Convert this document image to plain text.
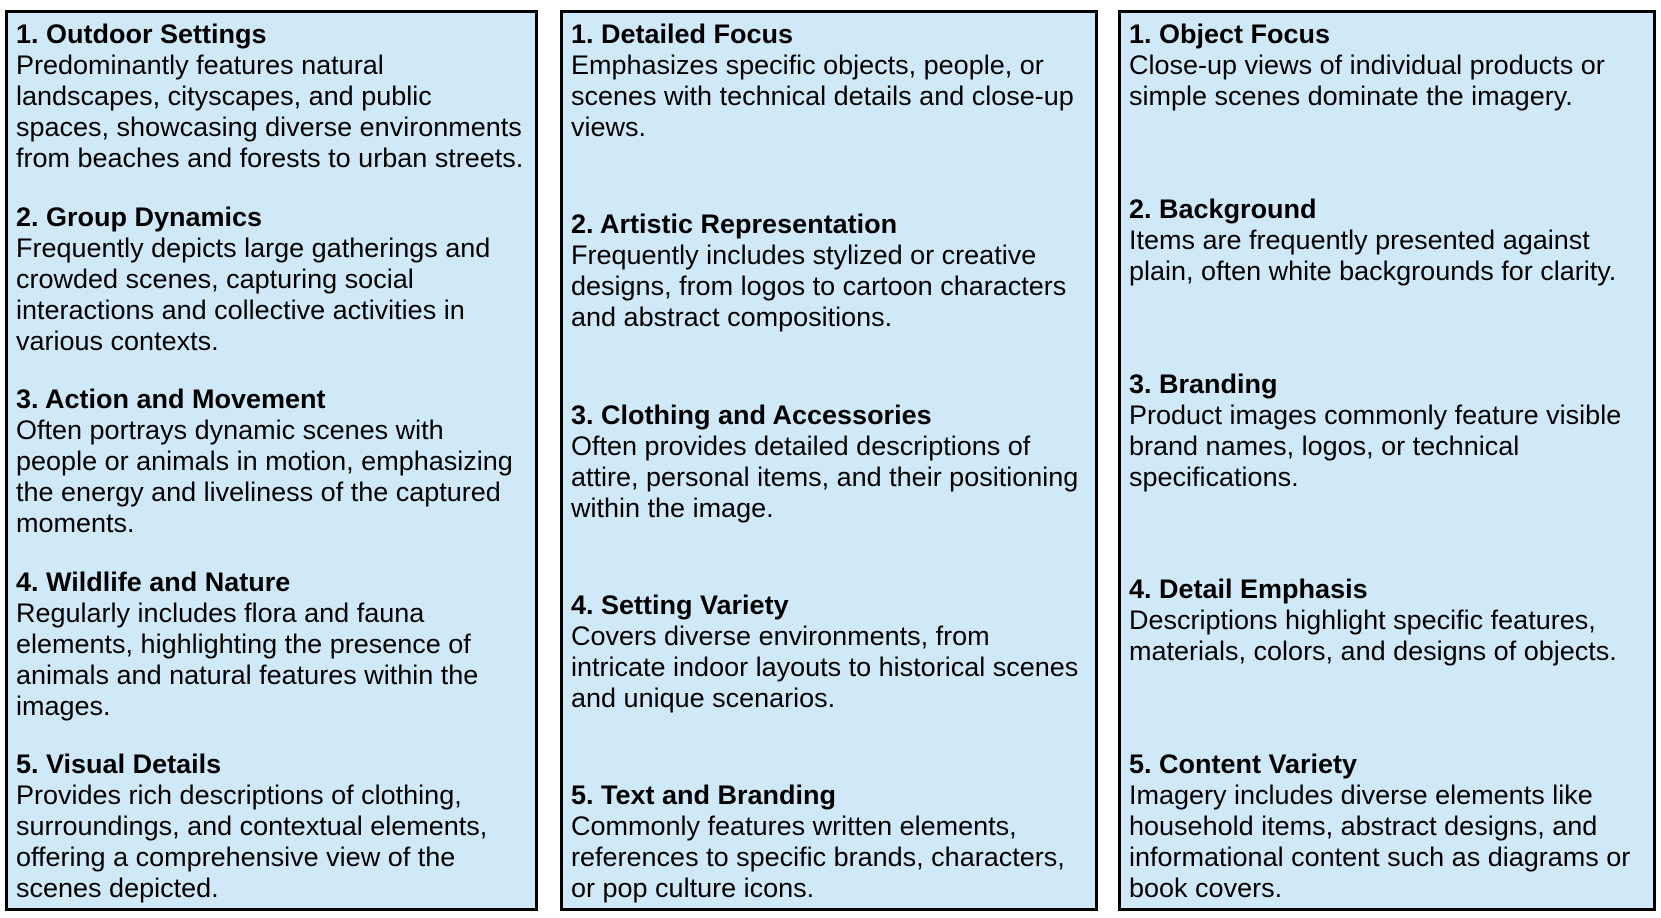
1. Outdoor Settings
Predominantly features natural landscapes, cityscapes, and public spaces, showcasing diverse environments from beaches and forests to urban streets.
2. Group Dynamics
Frequently depicts large gatherings and crowded scenes, capturing social interactions and collective activities in various contexts.
3. Action and Movement
Often portrays dynamic scenes with people or animals in motion, emphasizing the energy and liveliness of the captured moments.
4. Wildlife and Nature
Regularly includes flora and fauna elements, highlighting the presence of animals and natural features within the images.
5. Visual Details
Provides rich descriptions of clothing, surroundings, and contextual elements, offering a comprehensive view of the scenes depicted.
1. Detailed Focus
Emphasizes specific objects, people, or scenes with technical details and close-up views.
2. Artistic Representation
Frequently includes stylized or creative designs, from logos to cartoon characters and abstract compositions.
3. Clothing and Accessories
Often provides detailed descriptions of attire, personal items, and their positioning within the image.
4. Setting Variety
Covers diverse environments, from intricate indoor layouts to historical scenes and unique scenarios.
5. Text and Branding
Commonly features written elements, references to specific brands, characters, or pop culture icons.
1. Object Focus
Close-up views of individual products or simple scenes dominate the imagery.
2. Background
Items are frequently presented against plain, often white backgrounds for clarity.
3. Branding
Product images commonly feature visible brand names, logos, or technical specifications.
4. Detail Emphasis
Descriptions highlight specific features, materials, colors, and designs of objects.
5. Content Variety
Imagery includes diverse elements like household items, abstract designs, and informational content such as diagrams or book covers.
